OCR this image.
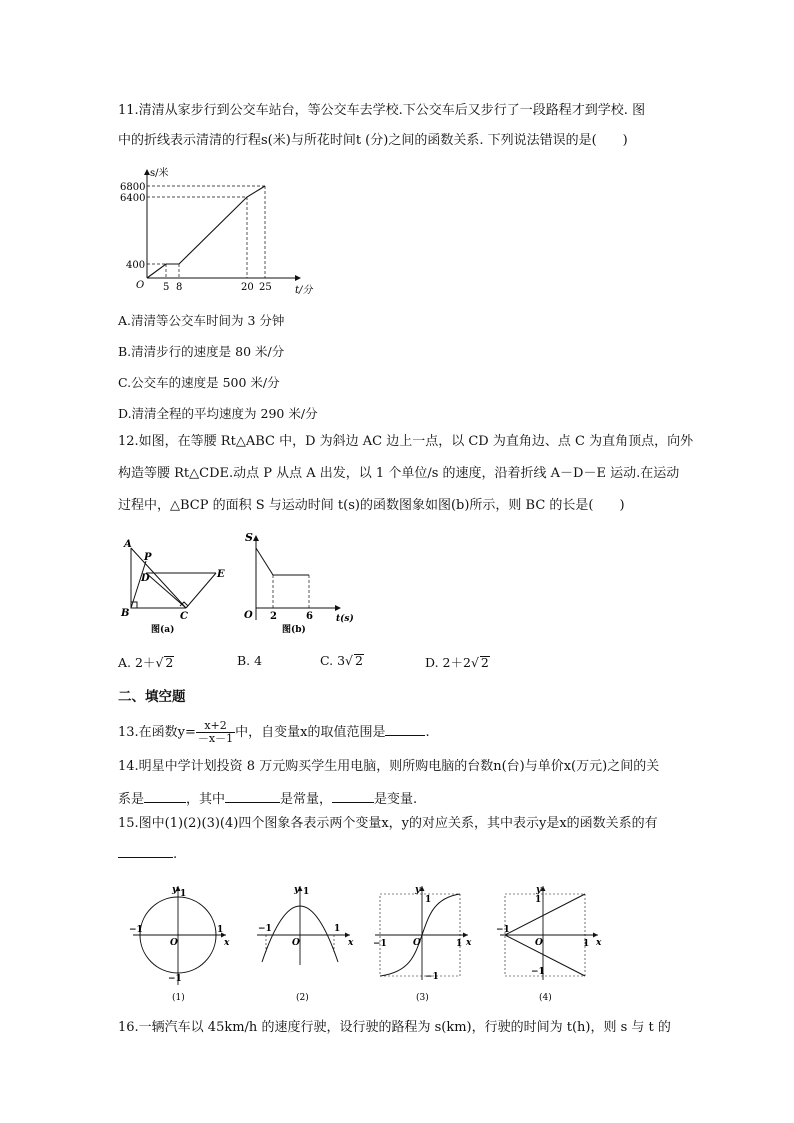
11.清清从家步行到公交车站台，等公交车去学校.下公交车后又步行了一段路程才到学校. 图
中的折线表示清清的行程s(米)与所花时间t (分)之间的函数关系. 下列说法错误的是(　　)
s/米
t/分
O
6800
6400
400
5 8	20 25
A.清清等公交车时间为 3 分钟
B.清清步行的速度是 80 米/分
C.公交车的速度是 500 米/分
D.清清全程的平均速度为 290 米/分
12.如图，在等腰 Rt△ABC 中，D 为斜边 AC 边上一点，以 CD 为直角边、点 C 为直角顶点，向外
构造等腰 Rt△CDE.动点 P 从点 A 出发，以 1 个单位/s 的速度，沿着折线 A－D－E 运动.在运动
过程中，△BCP 的面积 S 与运动时间 t(s)的函数图象如图(b)所示，则 BC 的长是(　　)
A
B	C
D	E
P
图(a)
S
t(s)
O 2	6
图(b)
A. 2＋√ 2	B. 4	C. 3√ 2	D. 2＋2√ 2
二、填空题
13.在函数$y= \frac{x+2}{-x-1}$ 中，自变量x的取值范围是	.
14.明星中学计划投资 8 万元购买学生用电脑，则所购电脑的台数n(台)与单价x(万元)之间的关
系是	，其中	是常量，	是变量.
15.图中(1)(2)(3)(4)四个图象各表示两个变量x，y的对应关系，其中表示y是x的函数关系的有
.
y 1
x
1
−1
O
−1
(1)
y 1
x
1
−1
O
(2)
y
1
x
1
−1	O
−1
(3)
y
1
x
1
−1
O
−1
(4)
16.一辆汽车以 45km/h 的速度行驶，设行驶的路程为 s(km)，行驶的时间为 t(h)，则 s 与 t 的
